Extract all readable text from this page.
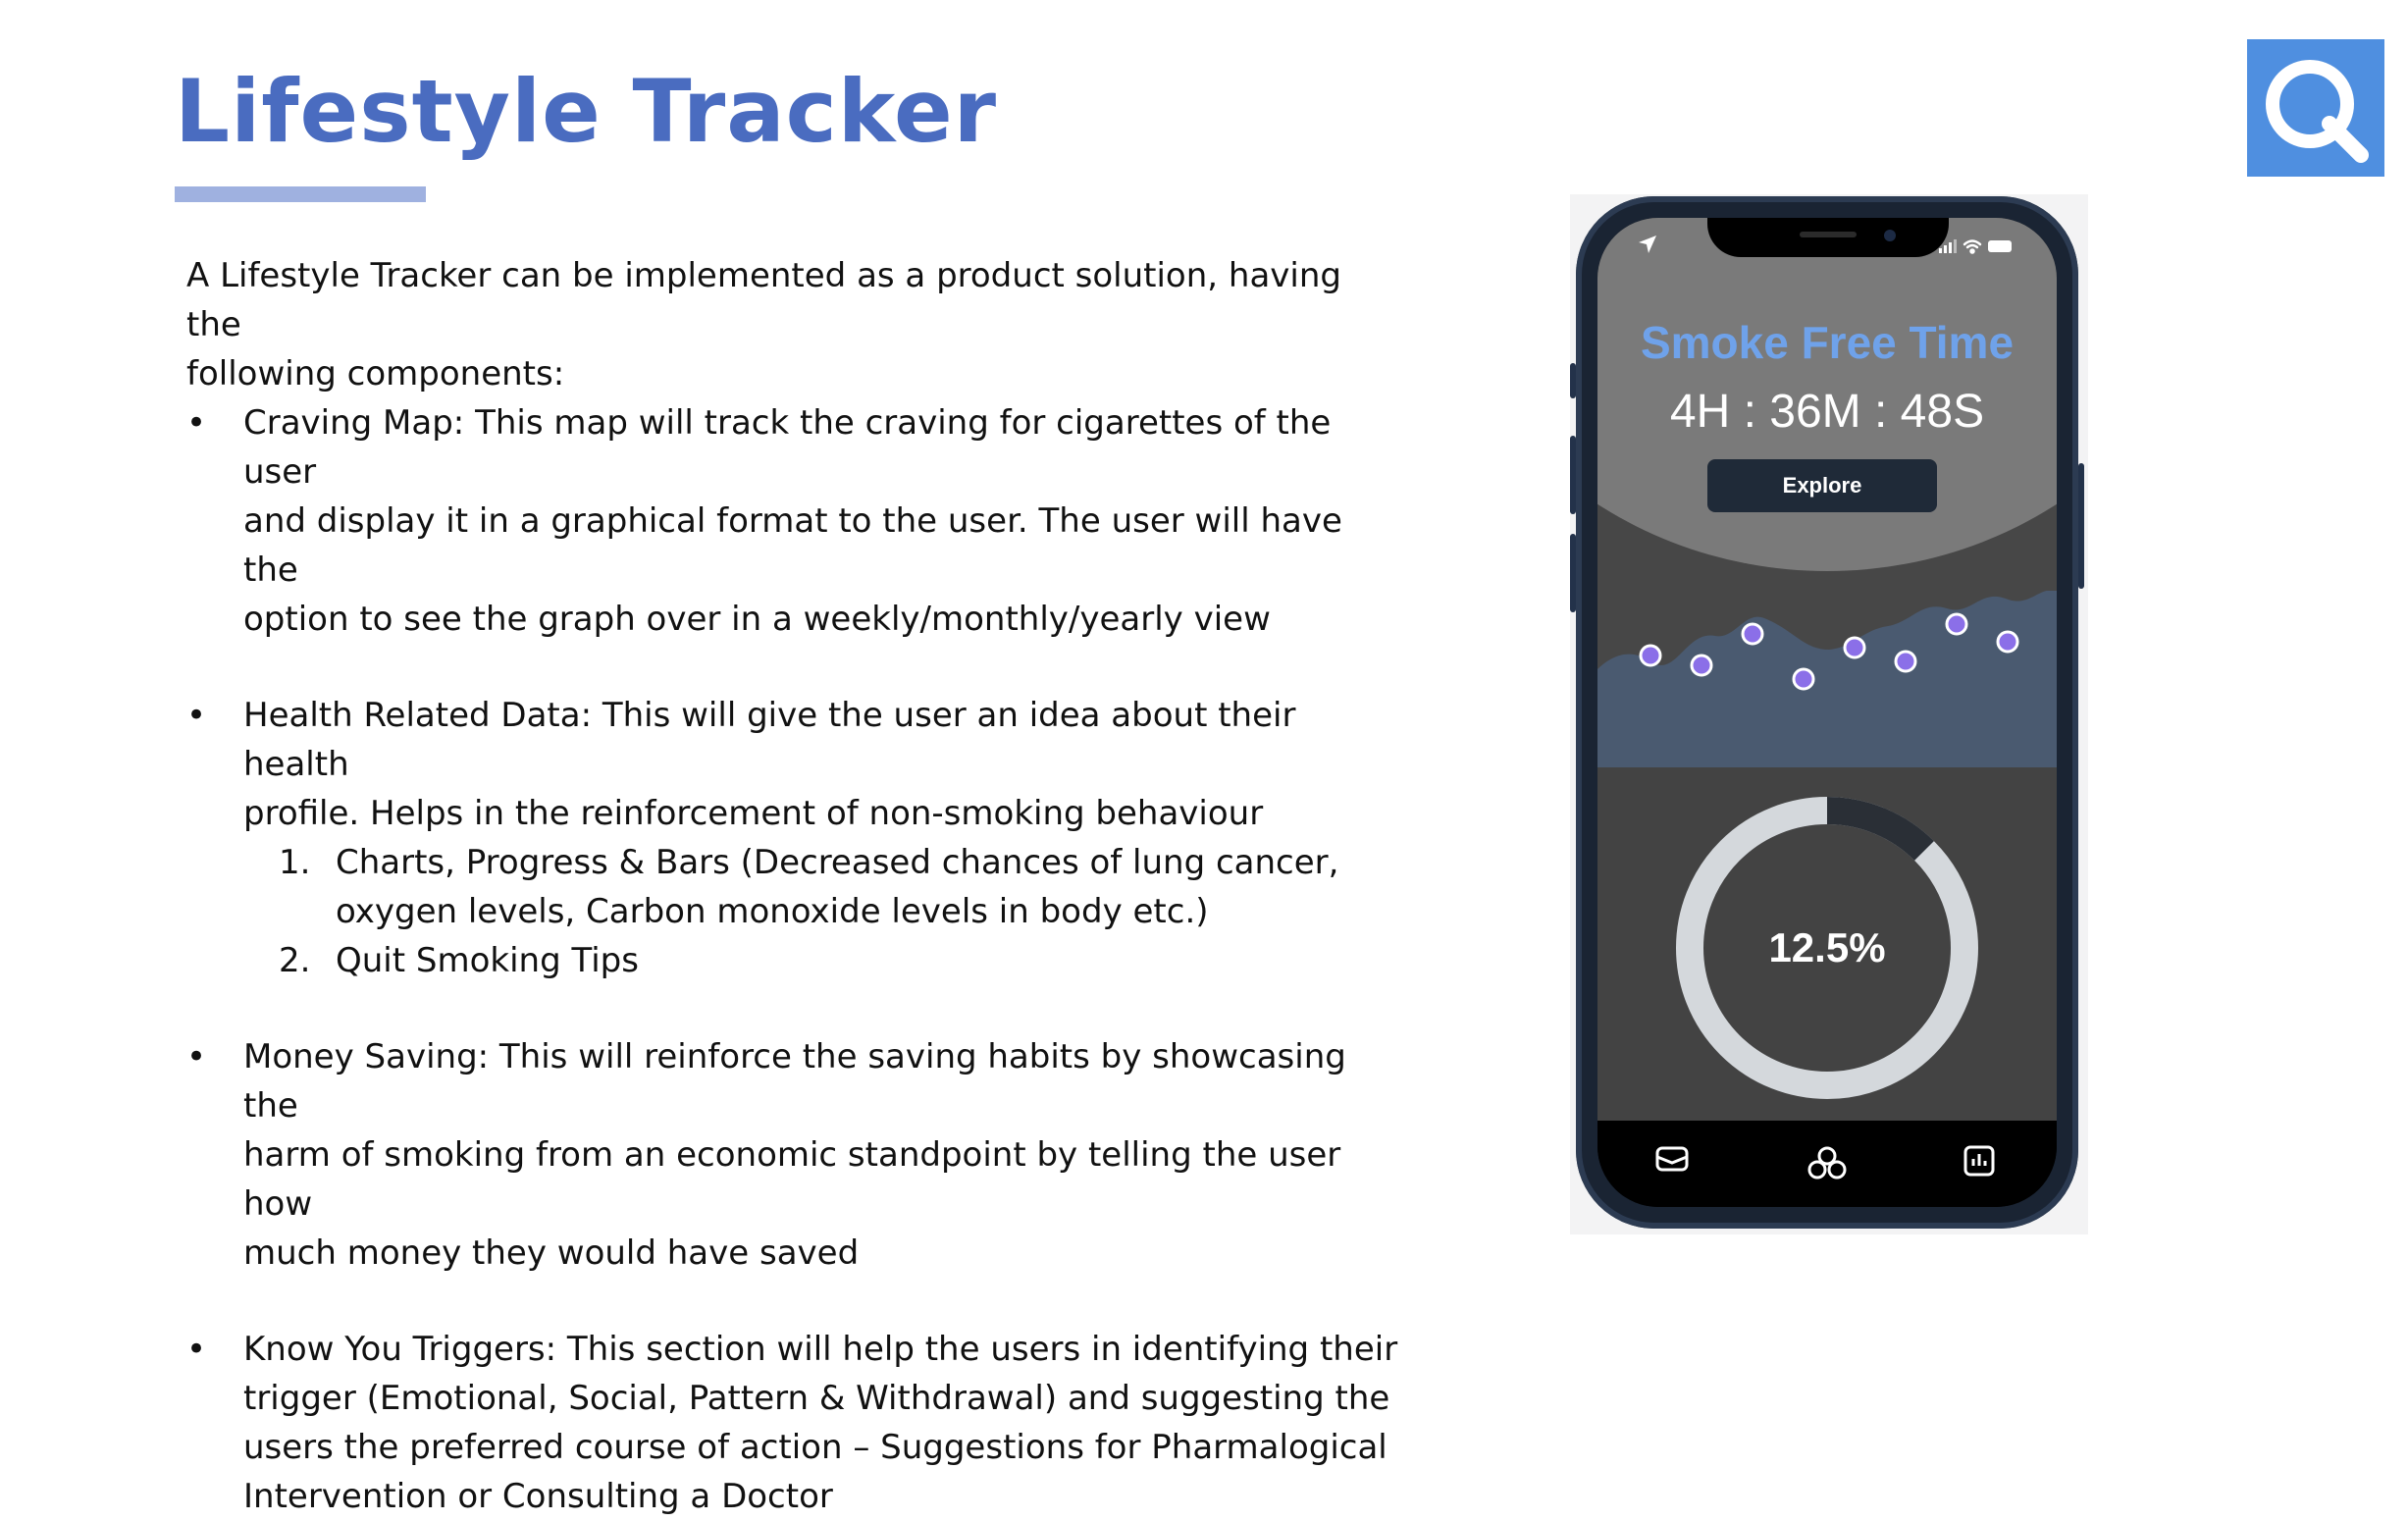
Lifestyle Tracker

A Lifestyle Tracker can be implemented as a product solution, having the

following components:

• Craving Map: This map will track the craving for cigarettes of the user

and display it in a graphical format to the user. The user will have the

option to see the graph over in a weekly/monthly/yearly view

• Health Related Data: This will give the user an idea about their health

profile. Helps in the reinforcement of non-smoking behaviour

1. Charts, Progress & Bars (Decreased chances of lung cancer,

oxygen levels, Carbon monoxide levels in body etc.)

2. Quit Smoking Tips

• Money Saving: This will reinforce the saving habits by showcasing the

harm of smoking from an economic standpoint by telling the user how

much money they would have saved

• Know You Triggers: This section will help the users in identifying their

trigger (Emotional, Social, Pattern & Withdrawal) and suggesting the

users the preferred course of action – Suggestions for Pharmalogical

Intervention or Consulting a Doctor

Smoke Free Time
4H : 36M : 48S
Explore
12.5%
